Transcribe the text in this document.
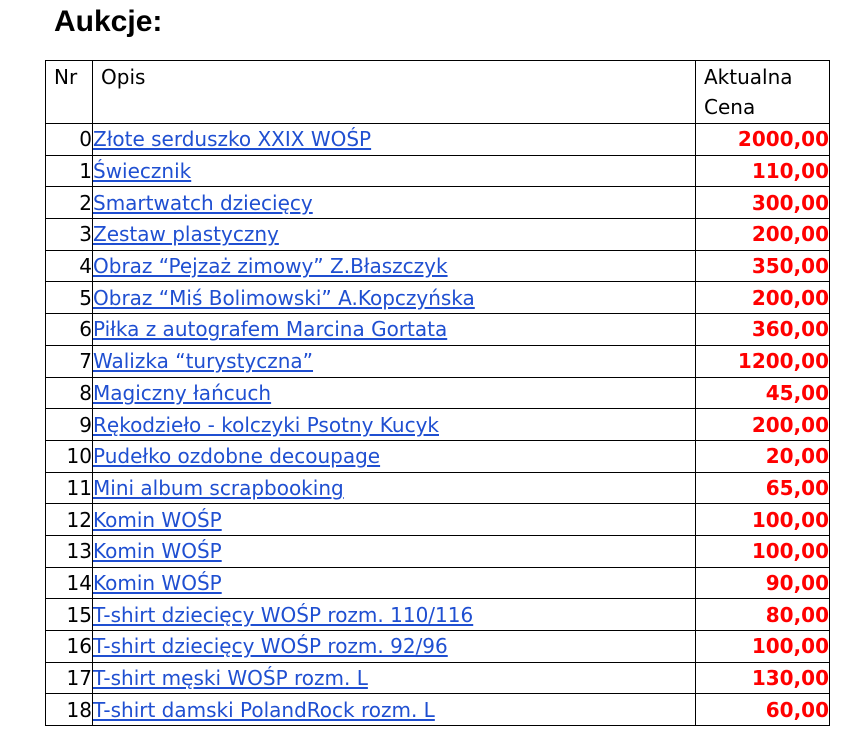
Aukcje:
Nr	Opis	Aktualna Cena
0	Złote serduszko XXIX WOŚP	2000,00
1	Świecznik	110,00
2	Smartwatch dziecięcy	300,00
3	Zestaw plastyczny	200,00
4	Obraz “Pejzaż zimowy” Z.Błaszczyk	350,00
5	Obraz “Miś Bolimowski” A.Kopczyńska	200,00
6	Piłka z autografem Marcina Gortata	360,00
7	Walizka “turystyczna”	1200,00
8	Magiczny łańcuch	45,00
9	Rękodzieło - kolczyki Psotny Kucyk	200,00
10	Pudełko ozdobne decoupage	20,00
11	Mini album scrapbooking	65,00
12	Komin WOŚP	100,00
13	Komin WOŚP	100,00
14	Komin WOŚP	90,00
15	T-shirt dziecięcy WOŚP rozm. 110/116	80,00
16	T-shirt dziecięcy WOŚP rozm. 92/96	100,00
17	T-shirt męski WOŚP rozm. L	130,00
18	T-shirt damski PolandRock rozm. L	60,00
